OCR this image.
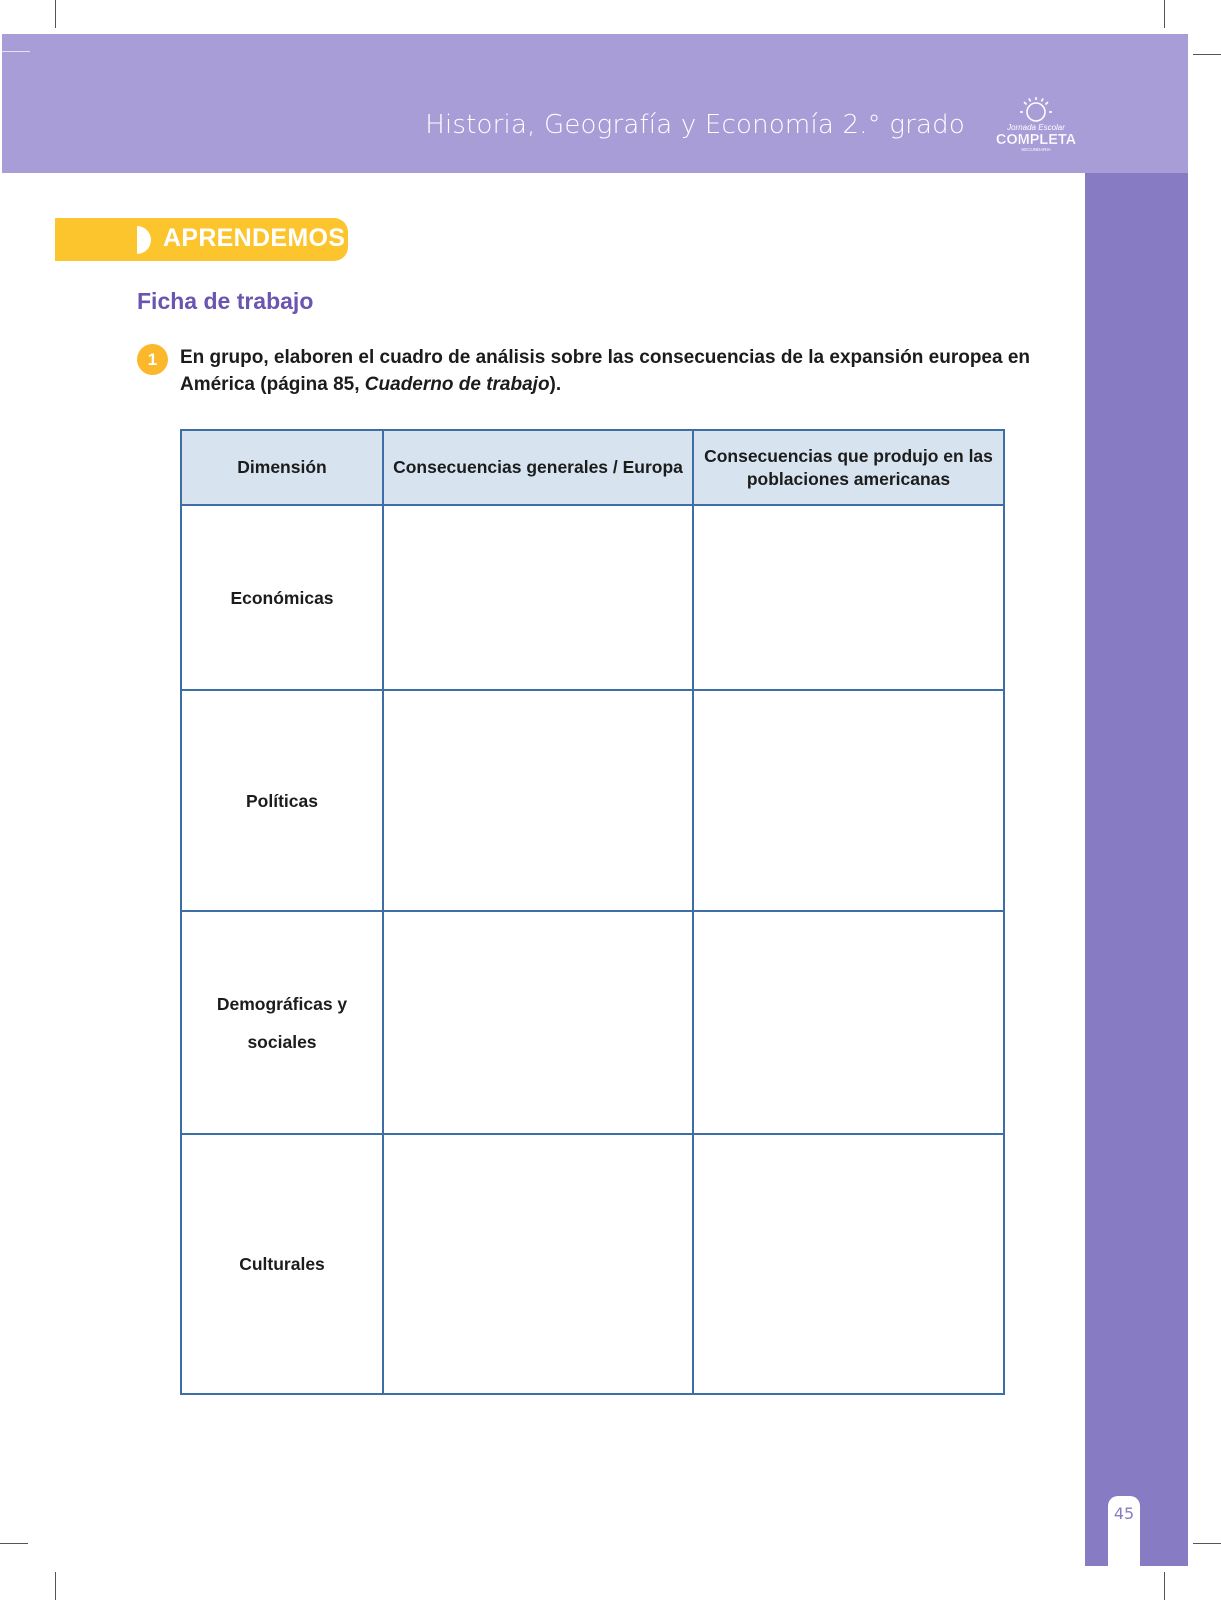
Historia, Geografía y Economía 2.° grado	Jornada Escolar
COMPLETA
SECUNDARIA
45
APRENDEMOS
Ficha de trabajo
1	En grupo, elaboren el cuadro de análisis sobre las consecuencias de la expansión europea en América (página 85, Cuaderno de trabajo).
Dimensión	Consecuencias generales / Europa	Consecuencias que produjo en las poblaciones americanas
Económicas		
Políticas		
Demográficas y sociales		
Culturales		
